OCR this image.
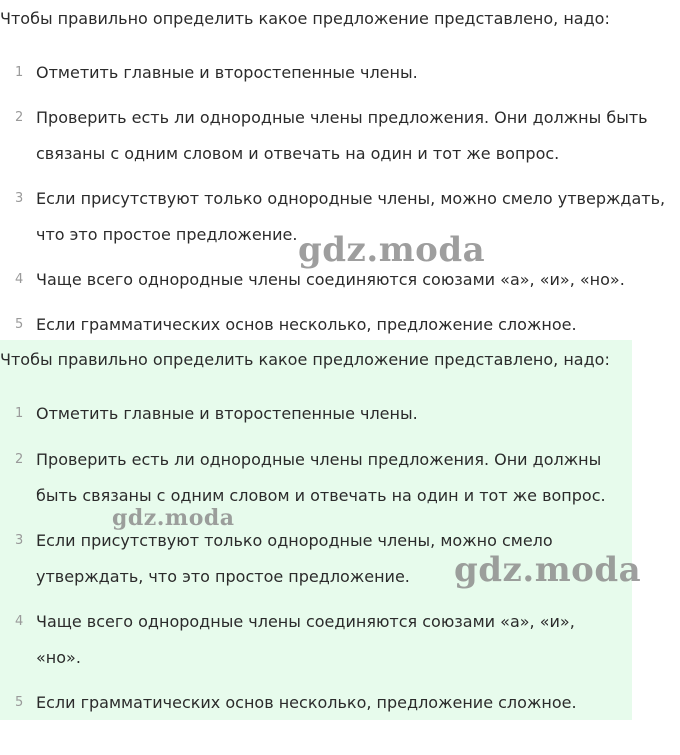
Чтобы правильно определить какое предложение представлено, надо:

1 Отметить главные и второстепенные члены.
2 Проверить есть ли однородные члены предложения. Они должны быть
связаны с одним словом и отвечать на один и тот же вопрос.
3 Если присутствуют только однородные члены, можно смело утверждать,
что это простое предложение.
4 Чаще всего однородные члены соединяются союзами «а», «и», «но».
5 Если грамматических основ несколько, предложение сложное.

Чтобы правильно определить какое предложение представлено, надо:

1 Отметить главные и второстепенные члены.
2 Проверить есть ли однородные члены предложения. Они должны
быть связаны с одним словом и отвечать на один и тот же вопрос.
3 Если присутствуют только однородные члены, можно смело
утверждать, что это простое предложение.
4 Чаще всего однородные члены соединяются союзами «а», «и»,
«но».
5 Если грамматических основ несколько, предложение сложное.
gdz.moda
gdz.moda
gdz.moda
